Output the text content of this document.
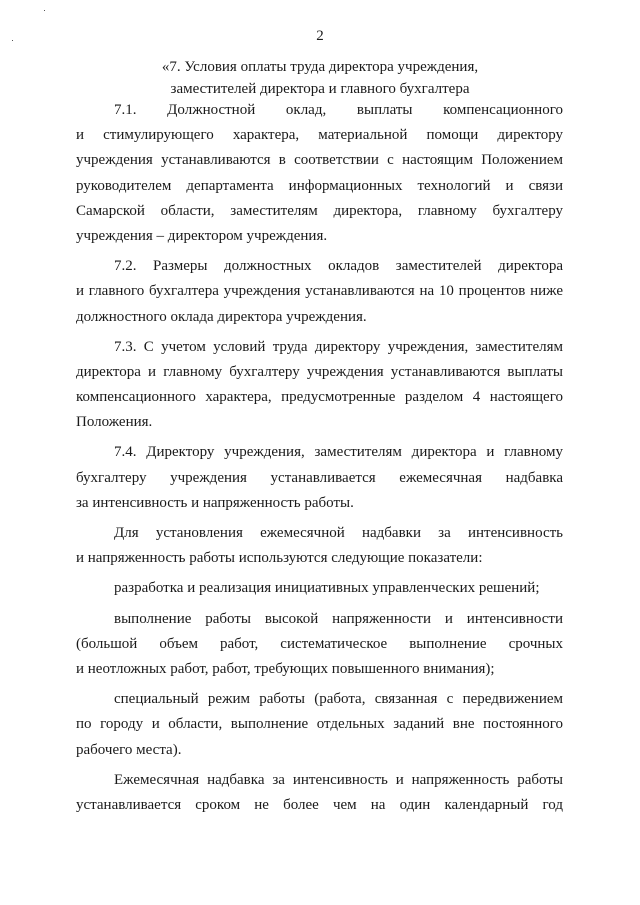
2
«7. Условия оплаты труда директора учреждения,
заместителей директора и главного бухгалтера
7.1. Должностной оклад, выплаты компенсационного
и стимулирующего характера, материальной помощи директору
учреждения устанавливаются в соответствии с настоящим Положением
руководителем департамента информационных технологий и связи
Самарской области, заместителям директора, главному бухгалтеру
учреждения – директором учреждения.
7.2. Размеры должностных окладов заместителей директора
и главного бухгалтера учреждения устанавливаются на 10 процентов ниже
должностного оклада директора учреждения.
7.3. С учетом условий труда директору учреждения, заместителям
директора и главному бухгалтеру учреждения устанавливаются выплаты
компенсационного характера, предусмотренные разделом 4 настоящего
Положения.
7.4. Директору учреждения, заместителям директора и главному
бухгалтеру учреждения устанавливается ежемесячная надбавка
за интенсивность и напряженность работы.
Для установления ежемесячной надбавки за интенсивность
и напряженность работы используются следующие показатели:
разработка и реализация инициативных управленческих решений;
выполнение работы высокой напряженности и интенсивности
(большой объем работ, систематическое выполнение срочных
и неотложных работ, работ, требующих повышенного внимания);
специальный режим работы (работа, связанная с передвижением
по городу и области, выполнение отдельных заданий вне постоянного
рабочего места).
Ежемесячная надбавка за интенсивность и напряженность работы
устанавливается сроком не более чем на один календарный год
